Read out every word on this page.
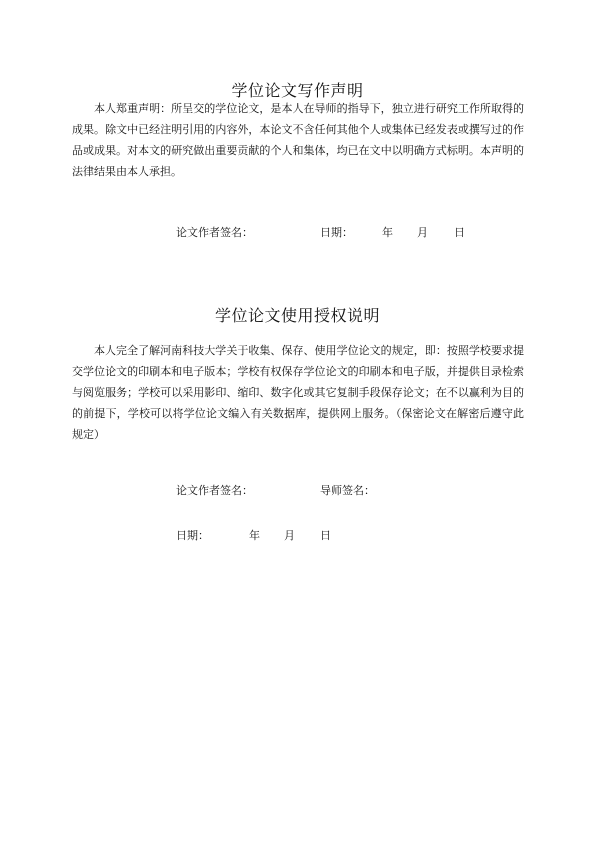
学位论文写作声明

本人郑重声明：所呈交的学位论文，是本人在导师的指导下，独立进行研究工作所取得的成果。除文中已经注明引用的内容外，本论文不含任何其他个人或集体已经发表或撰写过的作品或成果。对本文的研究做出重要贡献的个人和集体，均已在文中以明确方式标明。本声明的法律结果由本人承担。

论文作者签名：	日期：	年 月 日
学位论文使用授权说明

本人完全了解河南科技大学关于收集、保存、使用学位论文的规定，即：按照学校要求提交学位论文的印刷本和电子版本；学校有权保存学位论文的印刷本和电子版，并提供目录检索与阅览服务；学校可以采用影印、缩印、数字化或其它复制手段保存论文；在不以赢利为目的的前提下，学校可以将学位论文编入有关数据库，提供网上服务。（保密论文在解密后遵守此规定）

论文作者签名：	导师签名：
日期：	年 月 日
